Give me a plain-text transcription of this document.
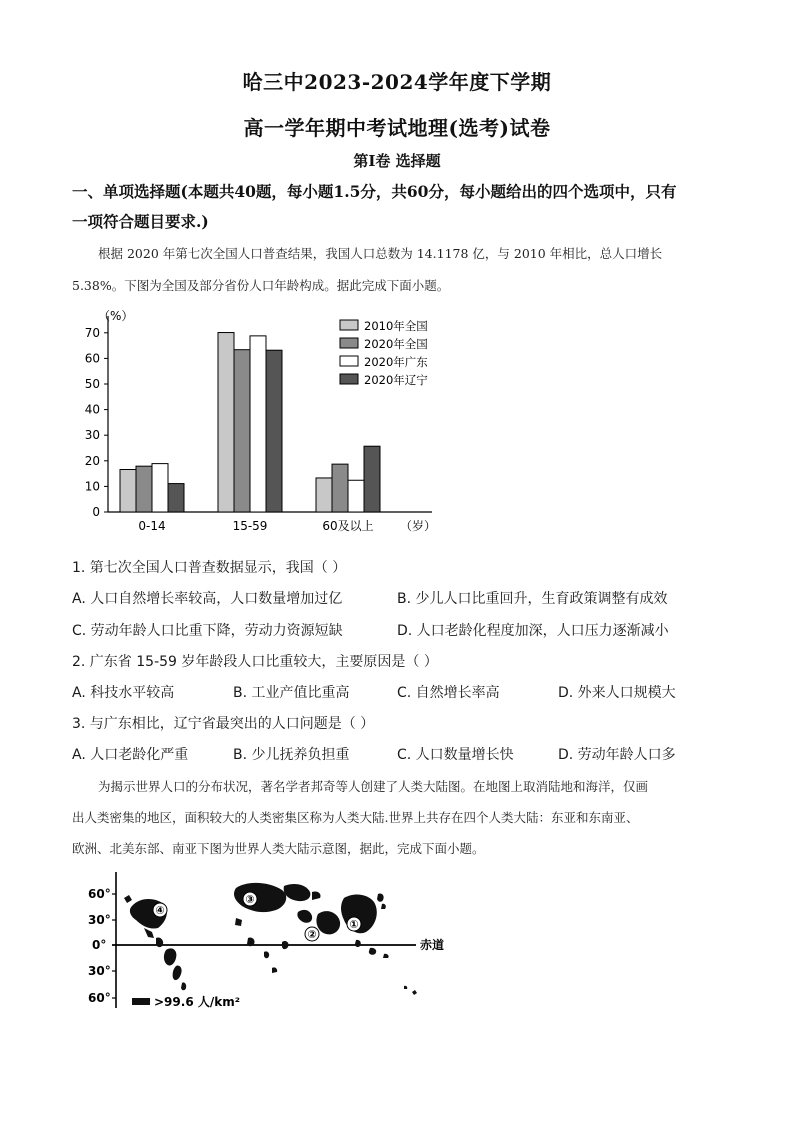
哈三中2023-2024学年度下学期
高一学年期中考试地理(选考)试卷
第Ⅰ卷 选择题
一、单项选择题(本题共40题，每小题1.5分，共60分，每小题给出的四个选项中，只有
一项符合题目要求.)
根据 2020 年第七次全国人口普查结果，我国人口总数为 14.1178 亿，与 2010 年相比，总人口增长
5.38%。下图为全国及部分省份人口年龄构成。据此完成下面小题。
（%）
0
10
20
30
40
50
60
70
（岁）
0-14	15-59	60及以上
2010年全国
2020年全国
2020年广东
2020年辽宁
1. 第七次全国人口普查数据显示，我国（ ）
A. 人口自然增长率较高，人口数量增加过亿	B. 少儿人口比重回升，生育政策调整有成效
C. 劳动年龄人口比重下降，劳动力资源短缺	D. 人口老龄化程度加深，人口压力逐渐减小
2. 广东省 15-59 岁年龄段人口比重较大，主要原因是（ ）
A. 科技水平较高	B. 工业产值比重高	C. 自然增长率高	D. 外来人口规模大
3. 与广东相比，辽宁省最突出的人口问题是（ ）
A. 人口老龄化严重	B. 少儿抚养负担重	C. 人口数量增长快	D. 劳动年龄人口多
为揭示世界人口的分布状况，著名学者邦奇等人创建了人类大陆图。在地图上取消陆地和海洋，仅画
出人类密集的地区，面积较大的人类密集区称为人类大陆.世界上共存在四个人类大陆：东亚和东南亚、
欧洲、北美东部、南亚下图为世界人类大陆示意图，据此，完成下面小题。
60°
30°
0°
30°
60°
赤道
④
③
②
①
>99.6 人/km²
